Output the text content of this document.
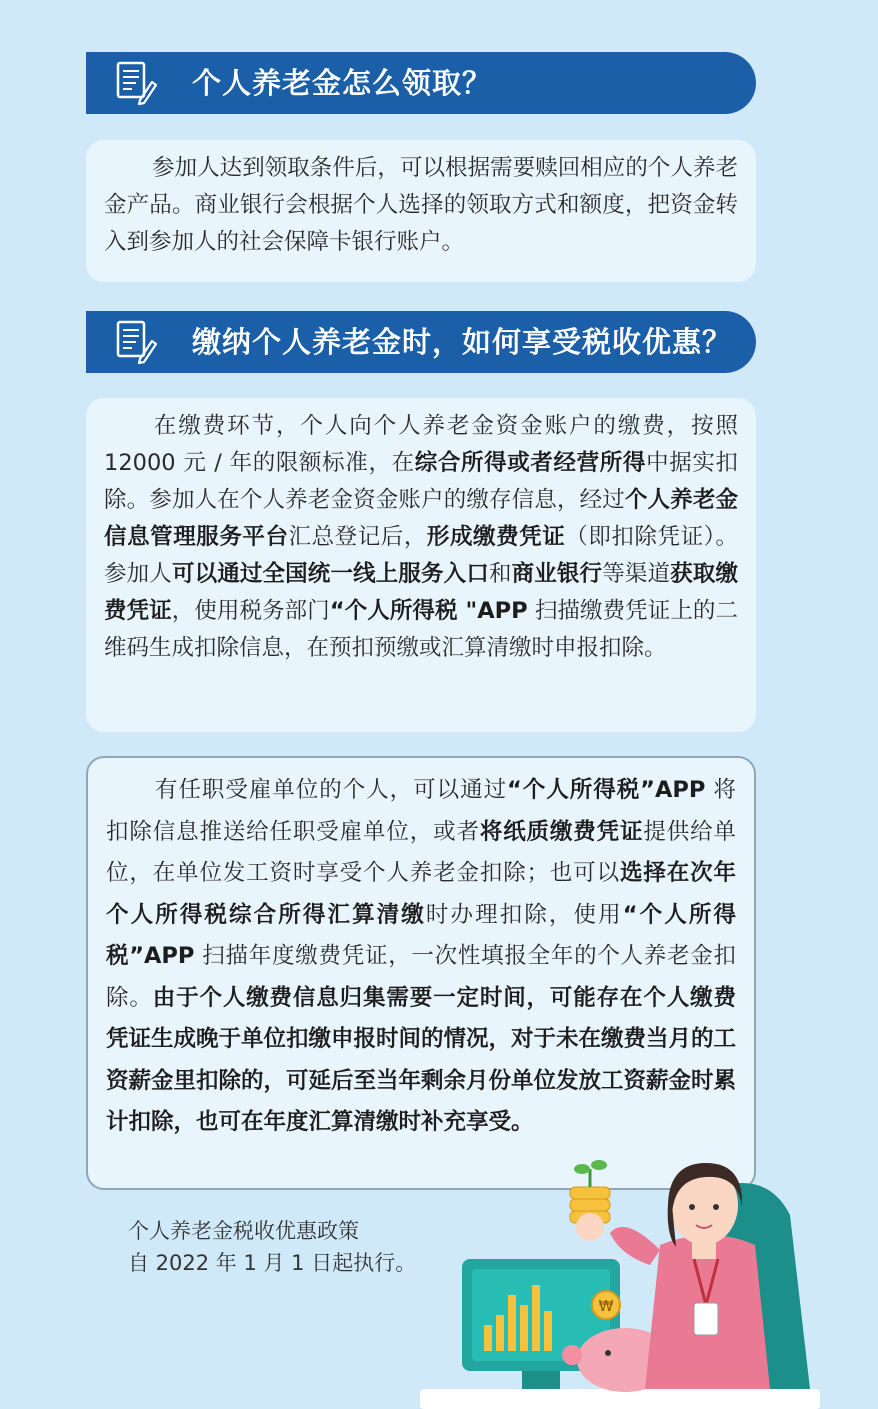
个人养老金怎么领取？

参加人达到领取条件后，可以根据需要赎回相应的个人养老金产品。商业银行会根据个人选择的领取方式和额度，把资金转入到参加人的社会保障卡银行账户。

缴纳个人养老金时，如何享受税收优惠？

在缴费环节，个人向个人养老金资金账户的缴费，按照 12000 元 / 年的限额标准，在综合所得或者经营所得中据实扣除。参加人在个人养老金资金账户的缴存信息，经过个人养老金信息管理服务平台汇总登记后，形成缴费凭证（即扣除凭证）。参加人可以通过全国统一线上服务入口和商业银行等渠道获取缴费凭证，使用税务部门“个人所得税 "APP 扫描缴费凭证上的二维码生成扣除信息，在预扣预缴或汇算清缴时申报扣除。

有任职受雇单位的个人，可以通过“个人所得税”APP 将扣除信息推送给任职受雇单位，或者将纸质缴费凭证提供给单位，在单位发工资时享受个人养老金扣除；也可以选择在次年个人所得税综合所得汇算清缴时办理扣除，使用“个人所得税”APP 扫描年度缴费凭证，一次性填报全年的个人养老金扣除。由于个人缴费信息归集需要一定时间，可能存在个人缴费凭证生成晚于单位扣缴申报时间的情况，对于未在缴费当月的工资薪金里扣除的，可延后至当年剩余月份单位发放工资薪金时累计扣除，也可在年度汇算清缴时补充享受。

个人养老金税收优惠政策
自 2022 年 1 月 1 日起执行。
₩
